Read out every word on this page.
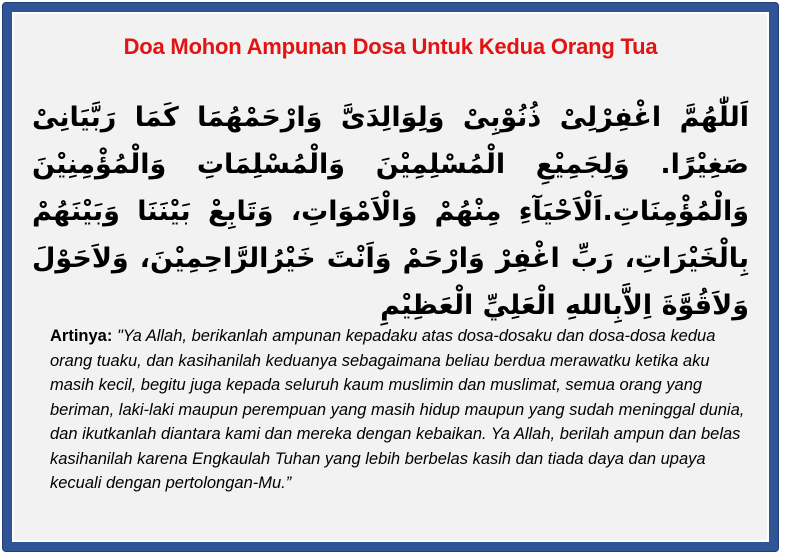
Doa Mohon Ampunan Dosa Untuk Kedua Orang Tua
اَللّٰهُمَّ اغْفِرْلِىْ ذُنُوْبِىْ وَلِوَالِدَىَّ وَارْحَمْهُمَا كَمَا رَبَّيَانِىْ صَغِيْرًا. وَلِجَمِيْعِ الْمُسْلِمِيْنَ وَالْمُسْلِمَاتِ وَالْمُؤْمِنِيْنَ وَالْمُؤْمِنَاتِ.اَلْاَحْيَآءِ مِنْهُمْ وَالْاَمْوَاتِ، وَتَابِعْ بَيْنَنَا وَبَيْنَهُمْ بِالْخَيْرَاتِ، رَبِّ اغْفِرْ وَارْحَمْ وَاَنْتَ خَيْرُالرَّاحِمِيْنَ، وَلاَحَوْلَ وَلاَقُوَّةَ اِلاَّبِاللهِ الْعَلِيِّ الْعَظِيْمِ
Artinya: "Ya Allah, berikanlah ampunan kepadaku atas dosa-dosaku dan dosa-dosa kedua orang tuaku, dan kasihanilah keduanya sebagaimana beliau berdua merawatku ketika aku masih kecil, begitu juga kepada seluruh kaum muslimin dan muslimat, semua orang yang beriman, laki-laki maupun perempuan yang masih hidup maupun yang sudah meninggal dunia, dan ikutkanlah diantara kami dan mereka dengan kebaikan. Ya Allah, berilah ampun dan belas kasihanilah karena Engkaulah Tuhan yang lebih berbelas kasih dan tiada daya dan upaya kecuali dengan pertolongan-Mu.”
